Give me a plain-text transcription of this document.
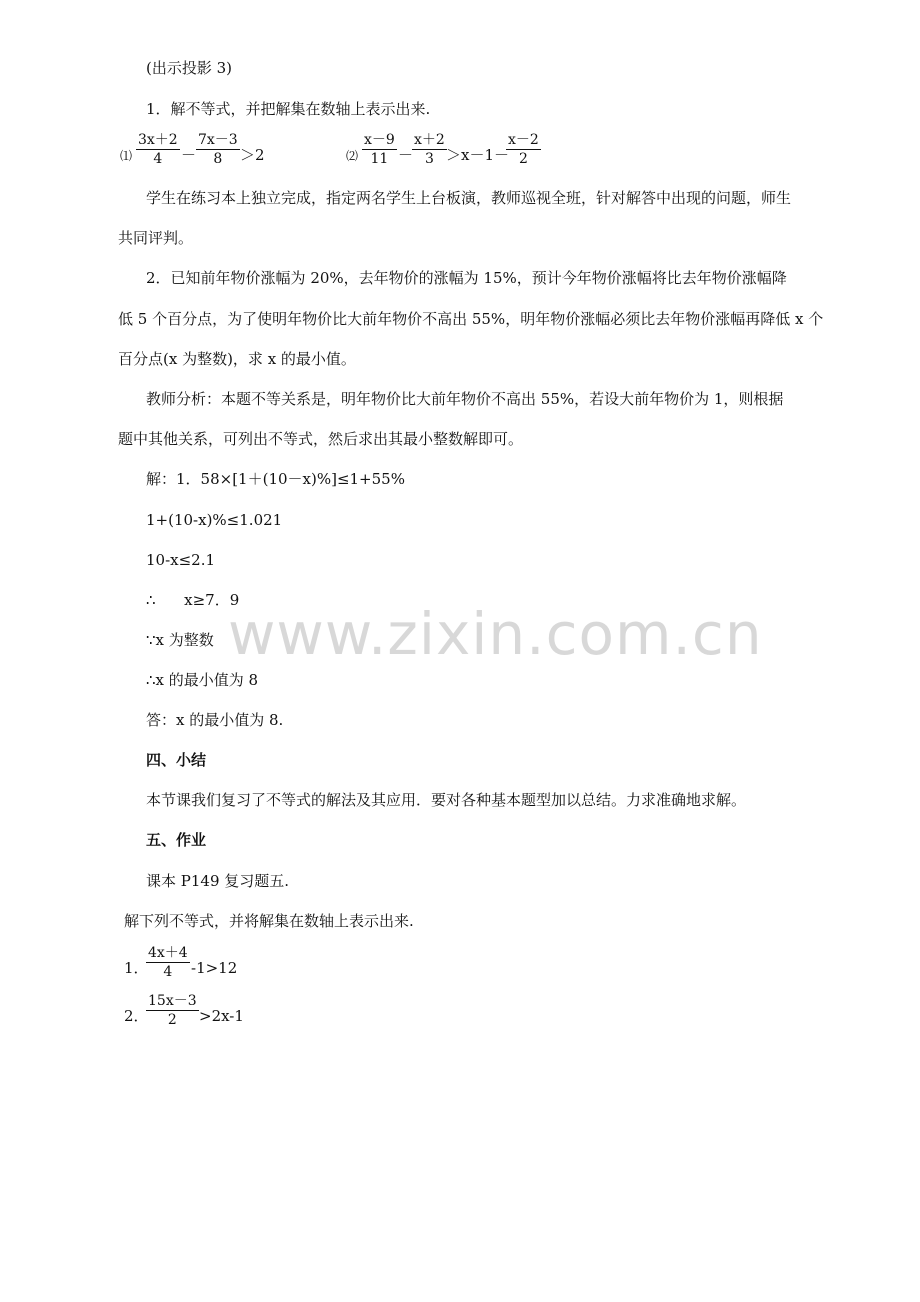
www.zixin.com.cn
(出示投影 3)
1．解不等式，并把解集在数轴上表示出来.
⑴
3x＋2
4	－
7x－3
8	＞2	⑵
x－9
11 －
x＋2
3 ＞x－1－
x－2
2
学生在练习本上独立完成，指定两名学生上台板演，教师巡视全班，针对解答中出现的问题，师生
共同评判。
2．已知前年物价涨幅为 20%，去年物价的涨幅为 15%，预计今年物价涨幅将比去年物价涨幅降
低 5 个百分点，为了使明年物价比大前年物价不高出 55%，明年物价涨幅必须比去年物价涨幅再降低 x 个
百分点(x 为整数)，求 x 的最小值。
教师分析：本题不等关系是，明年物价比大前年物价不高出 55%，若设大前年物价为 1，则根据
题中其他关系，可列出不等式，然后求出其最小整数解即可。
解：1．58×[1＋(10－x)%]≤1+55%
1+(10-x)%≤1.021
10-x≤2.1
∴      x≥7．9
∵x 为整数
∴x 的最小值为 8
答：x 的最小值为 8.
四、小结
本节课我们复习了不等式的解法及其应用．要对各种基本题型加以总结。力求准确地求解。
五、作业
课本 P149 复习题五.
解下列不等式，并将解集在数轴上表示出来.
1．
4x＋4
4	-1>12
2．
15x－3
2	>2x-1
